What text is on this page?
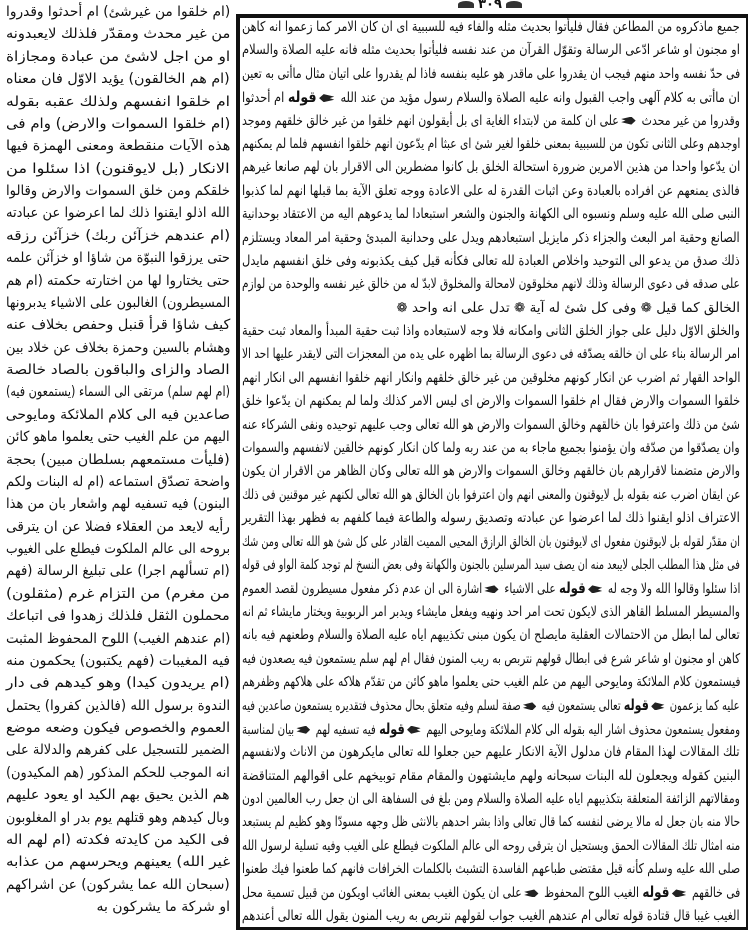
٣٠٩
(ام خلقوا من غيرشئ) ام أحدثوا وقدروا
من غير محدث ومقدّر فلذلك لايعبدونه
او من اجل لاشئ من عبادة ومجازاة
(ام هم الخالقون) يؤيد الاوّل فان معناه
ام خلقوا انفسهم ولذلك عقبه بقوله
(ام خلقوا السموات والارض) وام فى
هذه الآيات منقطعة ومعنى الهمزة فيها
الانكار (بل لايوقنون) اذا سئلوا من
خلقكم ومن خلق السموات والارض وقالوا
الله اذلو ايقنوا ذلك لما اعرضوا عن عبادته
(ام عندهم خزآئن ربك) خزآئن رزقه
حتى يرزقوا النبوّة من شاؤا او خزآئن علمه
حتى يختاروا لها من اختارته حكمته (ام هم
المسيطرون) الغالبون على الاشياء يدبرونها
كيف شاؤا قرأ قنبل وحفص بخلاف عنه
وهشام بالسين وحمزة بخلاف عن خلاد بين
الصاد والزاى والباقون بالصاد خالصة
(ام لهم سلم) مرتقى الى السماء (يستمعون فيه)
صاعدين فيه الى كلام الملائكة ومايوحى
اليهم من علم الغيب حتى يعلموا ماهو كائن
(فليأت مستمعهم بسلطان مبين) بحجة
واضحة تصدّق استماعه (ام له البنات ولكم
البنون) فيه تسفيه لهم واشعار بان من هذا
رأيه لايعد من العقلاء فضلا عن ان يترقى
بروحه الى عالم الملكوت فيطلع على الغيوب
(ام تسألهم اجرا) على تبليغ الرسالة (فهم
من مغرم) من التزام غرم (مثقلون)
محملون الثقل فلذلك زهدوا فى اتباعك
(ام عندهم الغيب) اللوح المحفوظ المثبت
فيه المغيبات (فهم يكتبون) يحكمون منه
(ام يريدون كيدا) وهو كيدهم فى دار
الندوة برسول الله (فالذين كفروا) يحتمل
العموم والخصوص فيكون وضعه موضع
الضمير للتسجيل على كفرهم والدلالة على
انه الموجب للحكم المذكور (هم المكيدون)
هم الذين يحيق بهم الكيد او يعود عليهم
وبال كيدهم وهو قتلهم يوم بدر او المغلوبون
فى الكيد من كايدته فكدته (ام لهم اله
غير الله) يعينهم ويحرسهم من عذابه
(سبحان الله عما يشركون) عن اشراكهم
او شركة ما يشركون به
جميع ماذكروه من المطاعن فقال فليأتوا بحديث مثله والفاء فيه للسببية اى ان كان الامر كما زعموا انه كاهن
او مجنون او شاعر ادّعى الرسالة وتقوّل القرآن من عند نفسه فليأتوا بحديث مثله فانه عليه الصلاة والسلام
فى حدّ نفسه واحد منهم فيجب ان يقدروا على ماقدر هو عليه بنفسه فاذا لم يقدروا على اتيان مثال ماأتى به تعين
ان ماأتى به كلام آلهى واجب القبول وانه عليه الصلاة والسلام رسول مؤيد من عند الله قوله ام أحدثوا
وقدروا من غير محدث على ان كلمة من لابتداء الغاية اى بل أيقولون انهم خلقوا من غير خالق خلقهم وموجد
اوجدهم وعلى الثانى تكون من للسببية بمعنى خلقوا لغير شئ اى عبثا ام يدّعون انهم خلقوا انفسهم فلما لم يمكنهم
ان يدّعوا واحدا من هذين الامرين ضرورة استحالة الخلق بل كانوا مضطرين الى الاقرار بان لهم صانعا غيرهم
فالذى يمنعهم عن افراده بالعبادة وعن اثبات القدرة له على الاعادة ووجه تعلق الآية بما قبلها انهم لما كذبوا
النبى صلى الله عليه وسلم ونسبوه الى الكهانة والجنون والشعر استبعادا لما يدعوهم اليه من الاعتقاد بوحدانية
الصانع وحقية امر البعث والجزاء ذكر مايزيل استبعادهم ويدل على وحدانية المبدئ وحقية امر المعاد ويستلزم
ذلك صدق من يدعو الى التوحيد واخلاص العبادة لله تعالى فكأنه قيل كيف يكذبونه وفى خلق انفسهم مايدل
على صدقه فى دعوى الرسالة وذلك لانهم مخلوقون لامحالة والمخلوق لابدّ له من خالق غير نفسه والوحدة من لوازم
الخالق كما قيل ❁ وفى كل شئ له آية ❁ تدل على انه واحد ❁
والخلق الاوّل دليل على جواز الخلق الثانى وامكانه فلا وجه لاستبعاده واذا ثبت حقية المبدأ والمعاد ثبت حقية
امر الرسالة بناء على ان خالقه يصدّقه فى دعوى الرسالة بما اظهره على يده من المعجزات التى لايقدر عليها احد الا
الواحد القهار ثم اضرب عن انكار كونهم مخلوقين من غير خالق خلقهم وانكار انهم خلقوا انفسهم الى انكار انهم
خلقوا السموات والارض فقال ام خلقوا السموات والارض اى ليس الامر كذلك ولما لم يمكنهم ان يدّعوا خلق
شئ من ذلك واعترفوا بان خالقهم وخالق السموات والارض هو الله تعالى وجب عليهم توحيده ونفى الشركاء عنه
وان يصدّقوا من صدّقه وان يؤمنوا بجميع ماجاء به من عند ربه ولما كان انكار كونهم خالقين لانفسهم والسموات
والارض متضمنا لاقرارهم بان خالقهم وخالق السموات والارض هو الله تعالى وكان الظاهر من الاقرار ان يكون
عن ايقان اضرب عنه بقوله بل لايوقنون والمعنى انهم وان اعترفوا بان الخالق هو الله تعالى لكنهم غير موقنين فى ذلك
الاعتراف اذلو ايقنوا ذلك لما اعرضوا عن عبادته وتصديق رسوله والطاعة فيما كلفهم به فظهر بهذا التقرير
ان مقدّر لقوله بل لايوقنون مفعول اى لايوقنون بان الخالق الرازق المحيى المميت القادر على كل شئ هو الله تعالى ومن شك
فى مثل هذا المطلب الجلى لايبعد منه ان يصف سيد المرسلين بالجنون والكهانة وفى بعض النسخ لم توجد كلمة الواو فى قوله
اذا سئلوا وقالوا الله ولا وجه له قوله على الاشياء اشارة الى ان عدم ذكر مفعول مسيطرون لقصد العموم
والمسيطر المسلط القاهر الذى لايكون تحت امر احد ونهيه ويفعل مايشاء ويدبر امر الربوبية ويختار مايشاء ثم انه
تعالى لما ابطل من الاحتمالات العقلية مايصلح ان يكون مبنى تكذيبهم اياه عليه الصلاة والسلام وطعنهم فيه بانه
كاهن او مجنون او شاعر شرع فى ابطال قولهم نتربص به ريب المنون فقال ام لهم سلم يستمعون فيه يصعدون فيه
فيستمعون كلام الملائكة ومايوحى اليهم من علم الغيب حتى يعلموا ماهو كائن من تقدّم هلاكه على هلاكهم وظفرهم
عليه كما يزعمون قوله تعالى يستمعون فيه صفة لسلم وفيه متعلق بحال محذوف فتقديره يستمعون صاعدين فيه
ومفعول يستمعون محذوف اشار اليه بقوله الى كلام الملائكة ومايوحى اليهم قوله فيه تسفيه لهم بيان لمناسبة
تلك المقالات لهذا المقام فان مدلول الآية الانكار عليهم حين جعلوا لله تعالى مايكرهون من الاناث ولانفسهم
البنين كقوله ويجعلون لله البنات سبحانه ولهم مايشتهون والمقام مقام توبيخهم على اقوالهم المتناقضة
ومقالاتهم الزائفة المتعلقة بتكذيبهم اياه عليه الصلاة والسلام ومن بلغ فى السفاهة الى ان جعل رب العالمين ادون
حالا منه بان جعل له مالا يرضى لنفسه كما قال تعالى واذا بشر احدهم بالانثى ظل وجهه مسودّا وهو كظيم لم يستبعد
منه امثال تلك المقالات الحمق ويستحيل ان يترقى روحه الى عالم الملكوت فيطلع على الغيب وفيه تسلية لرسول الله
صلى الله عليه وسلم كأنه قيل مقتضى طباعهم الفاسدة التشبث بالكلمات الخرافات فانهم كما طعنوا فيك طعنوا
فى خالقهم قوله الغيب اللوح المحفوظ على ان يكون الغيب بمعنى الغائب اويكون من قبيل تسمية محل
الغيب غيبا قال قتادة قوله تعالى ام عندهم الغيب جواب لقولهم نتربص به ريب المنون يقول الله تعالى أعندهم
